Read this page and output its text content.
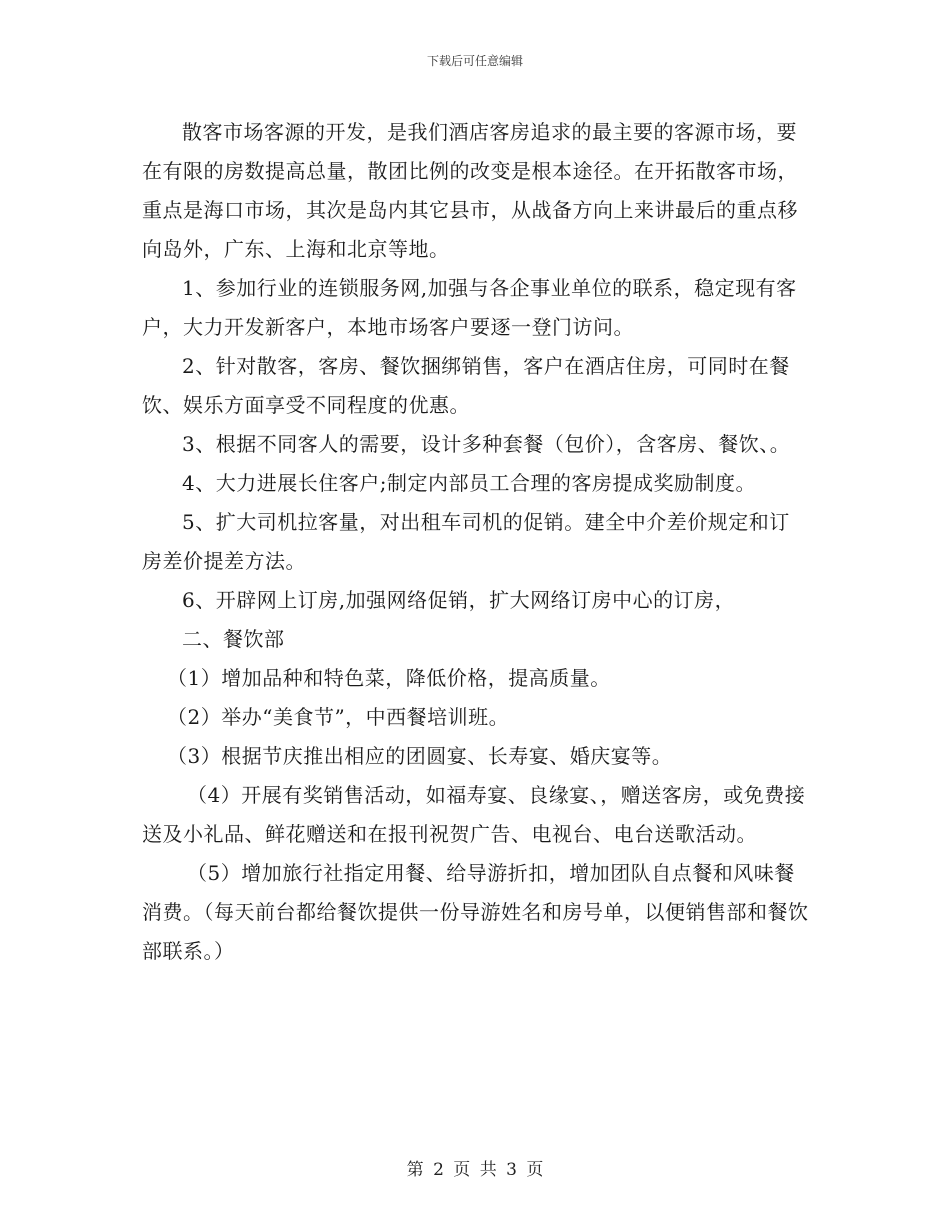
下载后可任意编辑

散客市场客源的开发，是我们酒店客房追求的最主要的客源市场，要在有限的房数提高总量，散团比例的改变是根本途径。在开拓散客市场，重点是海口市场，其次是岛内其它县市，从战备方向上来讲最后的重点移向岛外，广东、上海和北京等地。

1、参加行业的连锁服务网,加强与各企事业单位的联系，稳定现有客户，大力开发新客户，本地市场客户要逐一登门访问。

2、针对散客，客房、餐饮捆绑销售，客户在酒店住房，可同时在餐饮、娱乐方面享受不同程度的优惠。

3、根据不同客人的需要，设计多种套餐（包价），含客房、餐饮、。

4、大力进展长住客户;制定内部员工合理的客房提成奖励制度。

5、扩大司机拉客量，对出租车司机的促销。建全中介差价规定和订房差价提差方法。

6、开辟网上订房,加强网络促销，扩大网络订房中心的订房，

二、餐饮部

（1）增加品种和特色菜，降低价格，提高质量。

（2）举办“美食节”，中西餐培训班。

（3）根据节庆推出相应的团圆宴、长寿宴、婚庆宴等。

（4）开展有奖销售活动，如福寿宴、良缘宴、，赠送客房，或免费接送及小礼品、鲜花赠送和在报刊祝贺广告、电视台、电台送歌活动。

（5）增加旅行社指定用餐、给导游折扣，增加团队自点餐和风味餐消费。（每天前台都给餐饮提供一份导游姓名和房号单，以便销售部和餐饮部联系。）

第 2 页 共 3 页
